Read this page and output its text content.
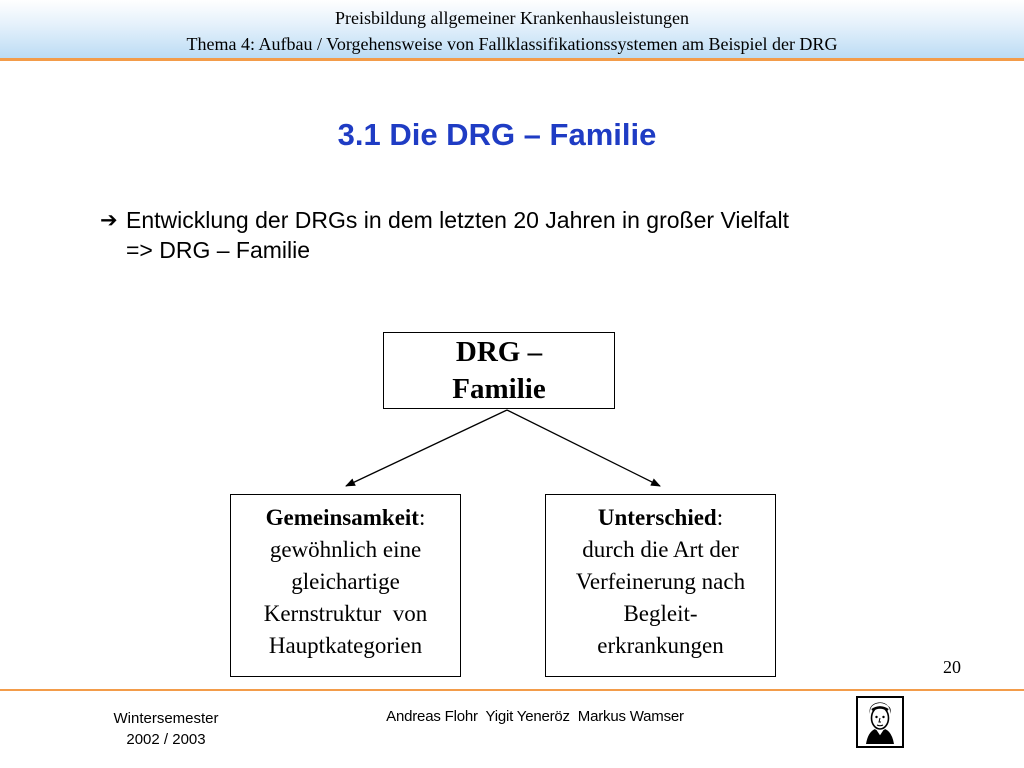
Preisbildung allgemeiner Krankenhausleistungen
Thema 4: Aufbau / Vorgehensweise von Fallklassifikationssystemen am Beispiel der DRG
3.1 Die DRG – Familie
➔ Entwicklung der DRGs in dem letzten 20 Jahren in großer Vielfalt
=> DRG – Familie
DRG –
Familie
Gemeinsamkeit:
gewöhnlich eine
gleichartige
Kernstruktur  von
Hauptkategorien
Unterschied:
durch die Art der
Verfeinerung nach
Begleit-
erkrankungen
20
Wintersemester
2002 / 2003
Andreas Flohr  Yigit Yeneröz  Markus Wamser
